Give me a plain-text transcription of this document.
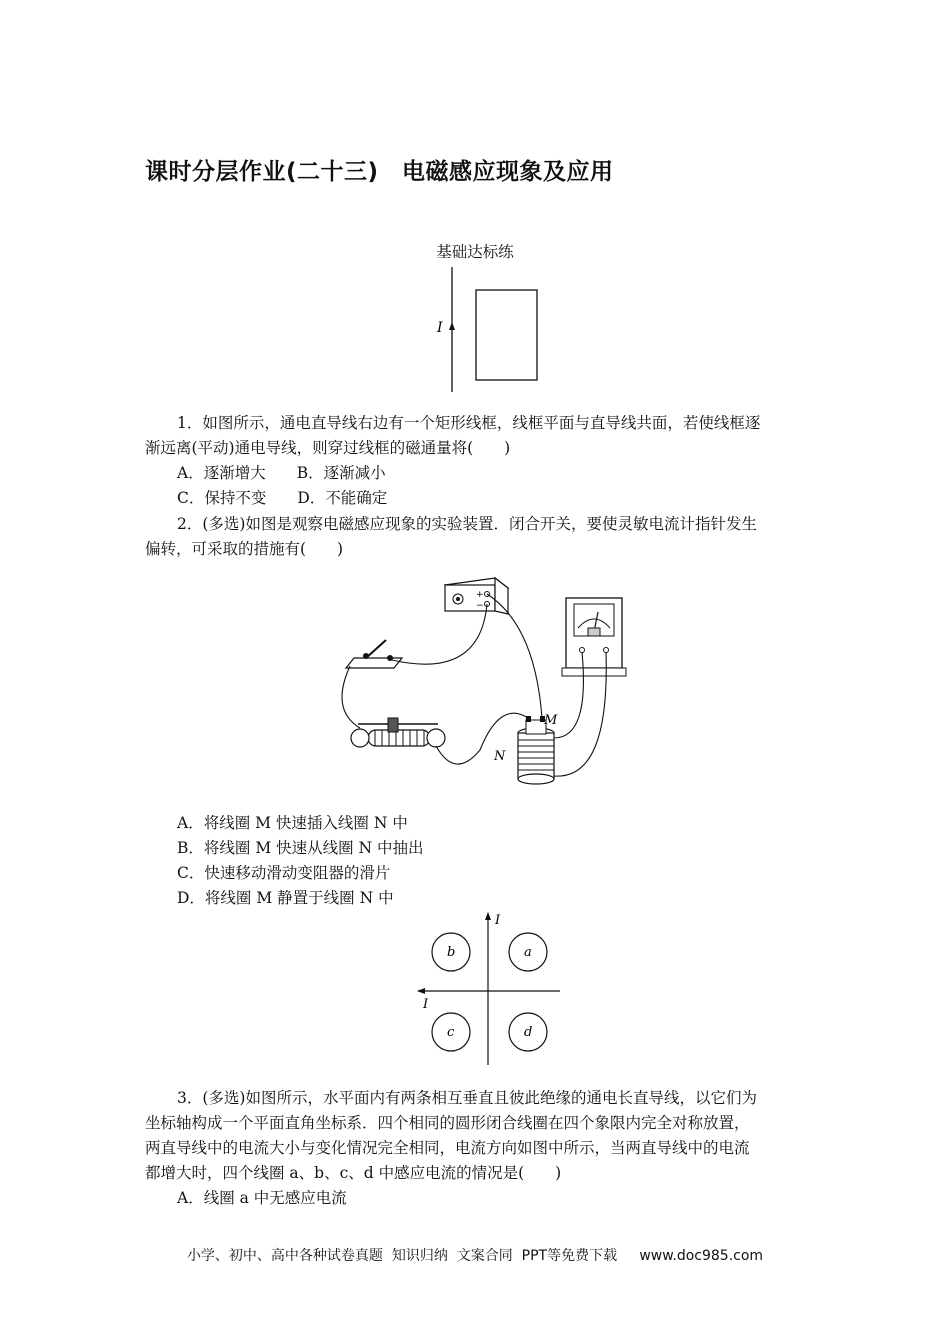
课时分层作业(二十三)　电磁感应现象及应用
基础达标练
I
1．如图所示，通电直导线右边有一个矩形线框，线框平面与直导线共面，若使线框逐
渐远离(平动)通电导线，则穿过线框的磁通量将(　　)
A．逐渐增大　　B．逐渐减小
C．保持不变　　D．不能确定
2．(多选)如图是观察电磁感应现象的实验装置．闭合开关，要使灵敏电流计指针发生
偏转，可采取的措施有(　　)
+
−
M
N
A．将线圈 M 快速插入线圈 N 中
B．将线圈 M 快速从线圈 N 中抽出
C．快速移动滑动变阻器的滑片
D．将线圈 M 静置于线圈 N 中
I
I
b	a
c	d
3．(多选)如图所示，水平面内有两条相互垂直且彼此绝缘的通电长直导线，以它们为
坐标轴构成一个平面直角坐标系．四个相同的圆形闭合线圈在四个象限内完全对称放置，
两直导线中的电流大小与变化情况完全相同，电流方向如图中所示，当两直导线中的电流
都增大时，四个线圈 a、b、c、d 中感应电流的情况是(　　)
A．线圈 a 中无感应电流
小学、初中、高中各种试卷真题  知识归纳  文案合同  PPT等免费下载     www.doc985.com
